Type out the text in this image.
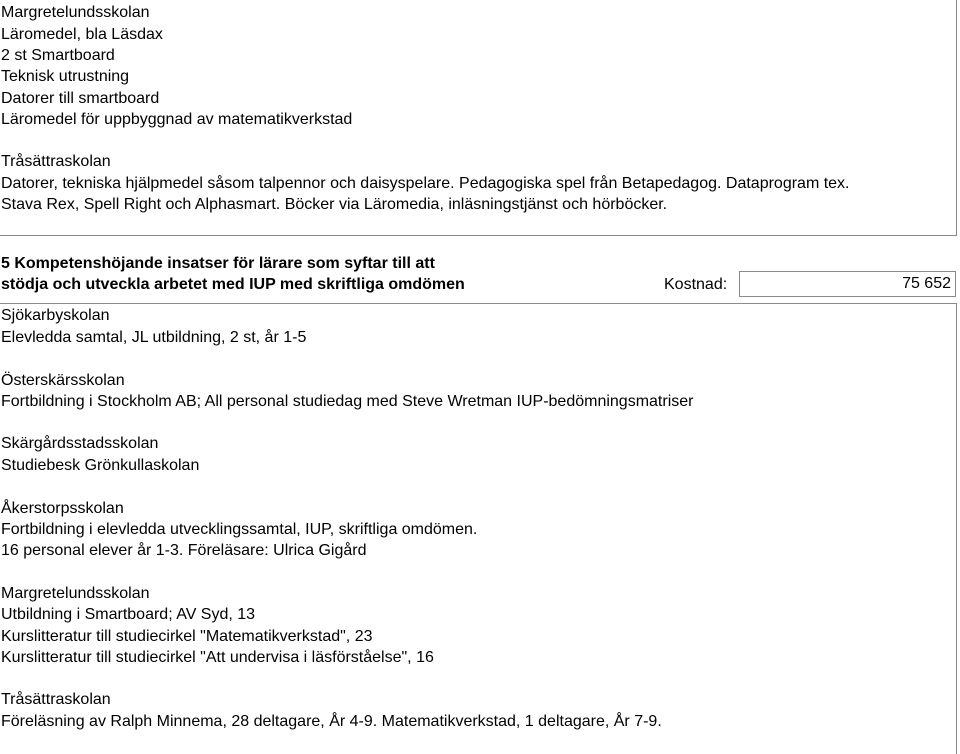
Margretelundsskolan
Läromedel, bla Läsdax
2 st Smartboard
Teknisk utrustning
Datorer till smartboard
Läromedel för uppbyggnad av matematikverkstad
Tråsättraskolan
Datorer, tekniska hjälpmedel såsom talpennor och daisyspelare. Pedagogiska spel från Betapedagog. Dataprogram tex.
Stava Rex, Spell Right och Alphasmart. Böcker via Läromedia, inläsningstjänst och hörböcker.
5 Kompetenshöjande insatser för lärare som syftar till att
stödja och utveckla arbetet med IUP med skriftliga omdömen	Kostnad:	75 652
Sjökarbyskolan
Elevledda samtal, JL utbildning, 2 st, år 1-5
Österskärsskolan
Fortbildning i Stockholm AB; All personal studiedag med Steve Wretman IUP-bedömningsmatriser
Skärgårdsstadsskolan
Studiebesk Grönkullaskolan
Åkerstorpsskolan
Fortbildning i elevledda utvecklingssamtal, IUP, skriftliga omdömen.
16 personal elever år 1-3. Föreläsare: Ulrica Gigård
Margretelundsskolan
Utbildning i Smartboard; AV Syd, 13
Kurslitteratur till studiecirkel "Matematikverkstad", 23
Kurslitteratur till studiecirkel "Att undervisa i läsförståelse", 16
Tråsättraskolan
Föreläsning av Ralph Minnema, 28 deltagare, År 4-9. Matematikverkstad, 1 deltagare, År 7-9.
